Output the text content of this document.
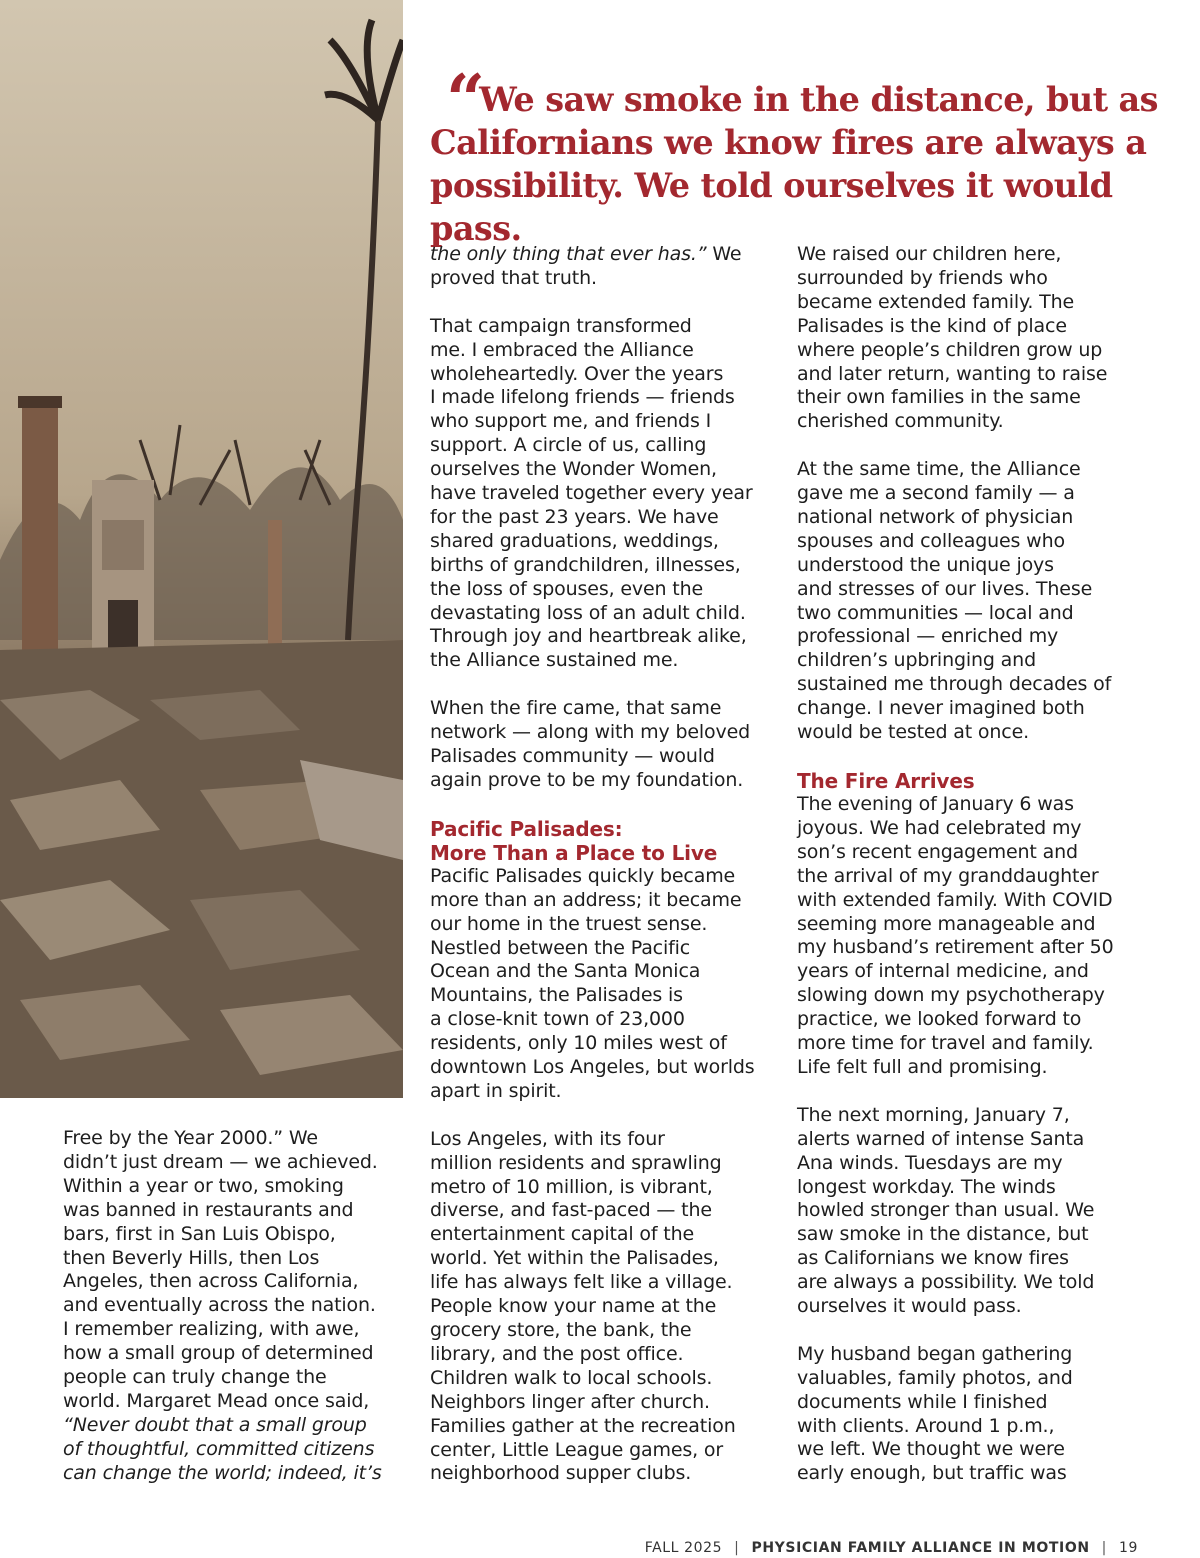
“We saw smoke in the distance, but as Californians we know fires are always a possibility. We told ourselves it would pass.

Free by the Year 2000.” We
didn’t just dream — we achieved.
Within a year or two, smoking
was banned in restaurants and
bars, first in San Luis Obispo,
then Beverly Hills, then Los
Angeles, then across California,
and eventually across the nation.
I remember realizing, with awe,
how a small group of determined
people can truly change the
world. Margaret Mead once said,
“Never doubt that a small group
of thoughtful, committed citizens
can change the world; indeed, it’s

the only thing that ever has.” We
proved that truth.

That campaign transformed
me. I embraced the Alliance
wholeheartedly. Over the years
I made lifelong friends — friends
who support me, and friends I
support. A circle of us, calling
ourselves the Wonder Women,
have traveled together every year
for the past 23 years. We have
shared graduations, weddings,
births of grandchildren, illnesses,
the loss of spouses, even the
devastating loss of an adult child.
Through joy and heartbreak alike,
the Alliance sustained me.

When the fire came, that same
network — along with my beloved
Palisades community — would
again prove to be my foundation.

Pacific Palisades:
More Than a Place to Live

Pacific Palisades quickly became
more than an address; it became
our home in the truest sense.
Nestled between the Pacific
Ocean and the Santa Monica
Mountains, the Palisades is
a close-knit town of 23,000
residents, only 10 miles west of
downtown Los Angeles, but worlds
apart in spirit.

Los Angeles, with its four
million residents and sprawling
metro of 10 million, is vibrant,
diverse, and fast-paced — the
entertainment capital of the
world. Yet within the Palisades,
life has always felt like a village.
People know your name at the
grocery store, the bank, the
library, and the post office.
Children walk to local schools.
Neighbors linger after church.
Families gather at the recreation
center, Little League games, or
neighborhood supper clubs.

We raised our children here,
surrounded by friends who
became extended family. The
Palisades is the kind of place
where people’s children grow up
and later return, wanting to raise
their own families in the same
cherished community.

At the same time, the Alliance
gave me a second family — a
national network of physician
spouses and colleagues who
understood the unique joys
and stresses of our lives. These
two communities — local and
professional — enriched my
children’s upbringing and
sustained me through decades of
change. I never imagined both
would be tested at once.

The Fire Arrives

The evening of January 6 was
joyous. We had celebrated my
son’s recent engagement and
the arrival of my granddaughter
with extended family. With COVID
seeming more manageable and
my husband’s retirement after 50
years of internal medicine, and
slowing down my psychotherapy
practice, we looked forward to
more time for travel and family.
Life felt full and promising.

The next morning, January 7,
alerts warned of intense Santa
Ana winds. Tuesdays are my
longest workday. The winds
howled stronger than usual. We
saw smoke in the distance, but
as Californians we know fires
are always a possibility. We told
ourselves it would pass.

My husband began gathering
valuables, family photos, and
documents while I finished
with clients. Around 1 p.m.,
we left. We thought we were
early enough, but traffic was

FALL 2025 | PHYSICIAN FAMILY ALLIANCE IN MOTION | 19
